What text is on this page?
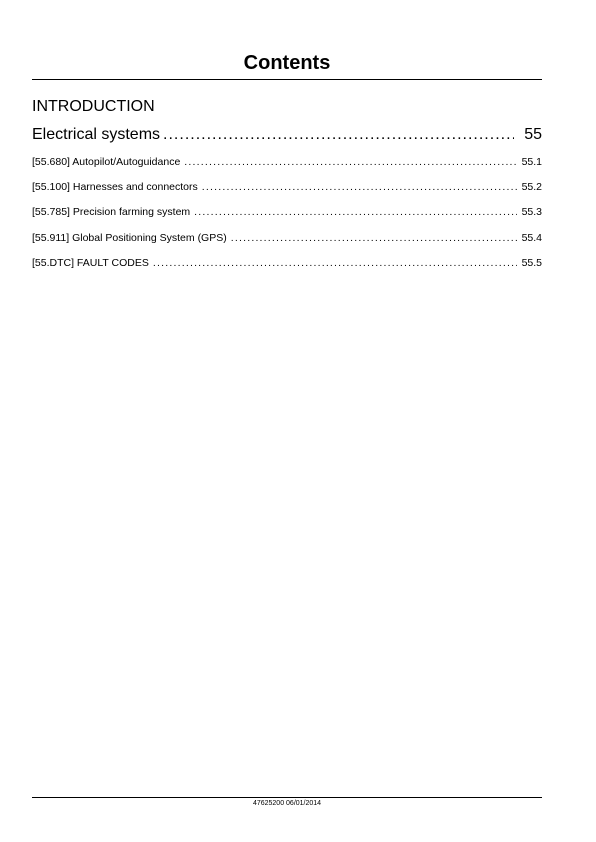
Contents
INTRODUCTION
Electrical systems .....	55
[55.680] Autopilot/Autoguidance .....	55.1
[55.100] Harnesses and connectors .....	55.2
[55.785] Precision farming system .....	55.3
[55.911] Global Positioning System (GPS) .....	55.4
[55.DTC] FAULT CODES .....	55.5
47625200 06/01/2014
